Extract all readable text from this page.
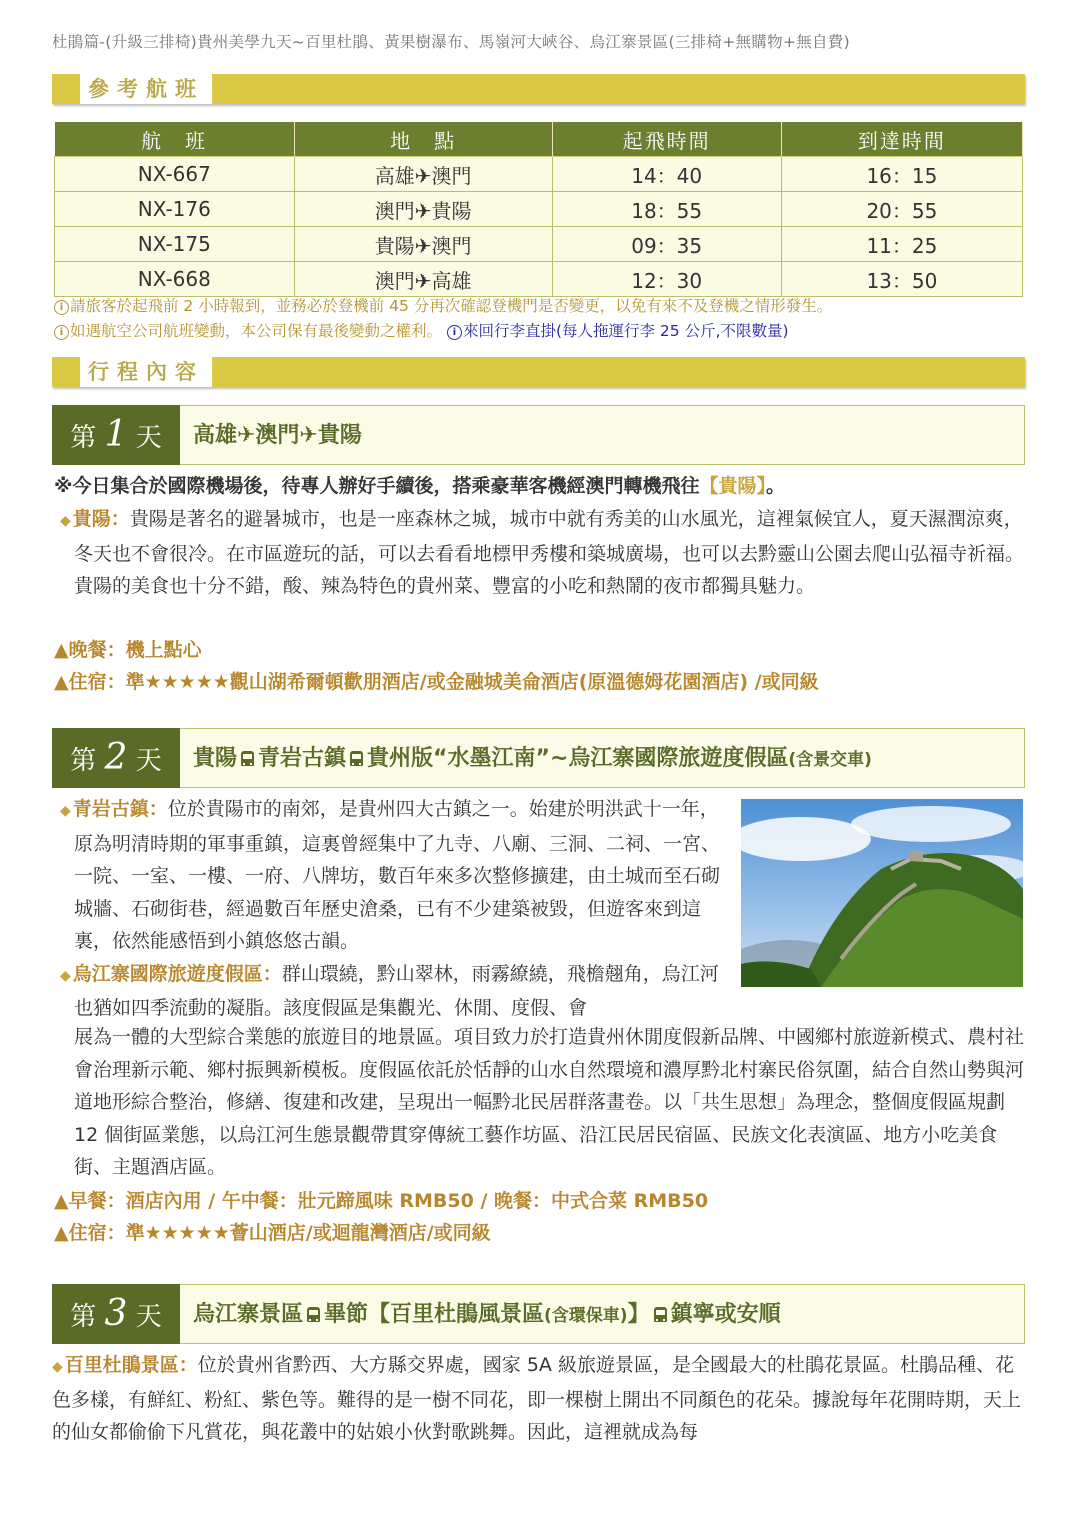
杜鵑篇-(升級三排椅)貴州美學九天~百里杜鵑、黃果樹瀑布、馬嶺河大峽谷、烏江寨景區(三排椅+無購物+無自費)
參考航班
航　班	地　點	起飛時間	到達時間
NX-667	高雄✈澳門	14：40	16：15
NX-176	澳門✈貴陽	18：55	20：55
NX-175	貴陽✈澳門	09：35	11：25
NX-668	澳門✈高雄	12：30	13：50
i 請旅客於起飛前 2 小時報到，並務必於登機前 45 分再次確認登機門是否變更，以免有來不及登機之情形發生。
i 如遇航空公司航班變動，本公司保有最後變動之權利。 i 來回行李直掛(每人拖運行李 25 公斤,不限數量)
行程內容
第 1 天	高雄✈澳門✈貴陽
※今日集合於國際機場後，待專人辦好手續後，搭乘豪華客機經澳門轉機飛往【貴陽】。
◆ 貴陽：貴陽是著名的避暑城市，也是一座森林之城，城市中就有秀美的山水風光，這裡氣候宜人，夏天濕潤涼爽，冬天也不會很冷。在市區遊玩的話，可以去看看地標甲秀樓和築城廣場，也可以去黔靈山公園去爬山弘福寺祈福。貴陽的美食也十分不錯，酸、辣為特色的貴州菜、豐富的小吃和熱鬧的夜市都獨具魅力。
▲晚餐：機上點心
▲住宿：準★★★★★觀山湖希爾頓歡朋酒店/或金融城美侖酒店(原溫德姆花園酒店) /或同級
第 2 天	貴陽 青岩古鎮 貴州版“水墨江南”~烏江寨國際旅遊度假區(含景交車)
◆ 青岩古鎮：位於貴陽市的南郊，是貴州四大古鎮之一。始建於明洪武十一年，原為明清時期的軍事重鎮，這裏曾經集中了九寺、八廟、三洞、二祠、一宮、一院、一室、一樓、一府、八牌坊，數百年來多次整修擴建，由土城而至石砌城牆、石砌街巷，經過數百年歷史滄桑，已有不少建築被毀，但遊客來到這裏，依然能感悟到小鎮悠悠古韻。
◆ 烏江寨國際旅遊度假區：群山環繞，黔山翠林，雨霧繚繞，飛檐翹角，烏江河也猶如四季流動的凝脂。該度假區是集觀光、休閒、度假、會
展為一體的大型綜合業態的旅遊目的地景區。項目致力於打造貴州休閒度假新品牌、中國鄉村旅遊新模式、農村社會治理新示範、鄉村振興新模板。度假區依託於恬靜的山水自然環境和濃厚黔北村寨民俗氛圍，結合自然山勢與河道地形綜合整治，修繕、復建和改建，呈現出一幅黔北民居群落畫卷。以「共生思想」為理念，整個度假區規劃 12 個街區業態，以烏江河生態景觀帶貫穿傳統工藝作坊區、沿江民居民宿區、民族文化表演區、地方小吃美食街、主題酒店區。
▲早餐：酒店內用 / 午中餐：壯元蹄風味 RMB50 / 晚餐：中式合菜 RMB50
▲住宿：準★★★★★薈山酒店/或迴龍灣酒店/或同級
第 3 天	烏江寨景區 畢節【百里杜鵑風景區(含環保車)】 鎮寧或安順
◆ 百里杜鵑景區：位於貴州省黔西、大方縣交界處，國家 5A 級旅遊景區，是全國最大的杜鵑花景區。杜鵑品種、花色多樣，有鮮紅、粉紅、紫色等。難得的是一樹不同花，即一棵樹上開出不同顏色的花朵。據說每年花開時期，天上的仙女都偷偷下凡賞花，與花叢中的姑娘小伙對歌跳舞。因此，這裡就成為每
